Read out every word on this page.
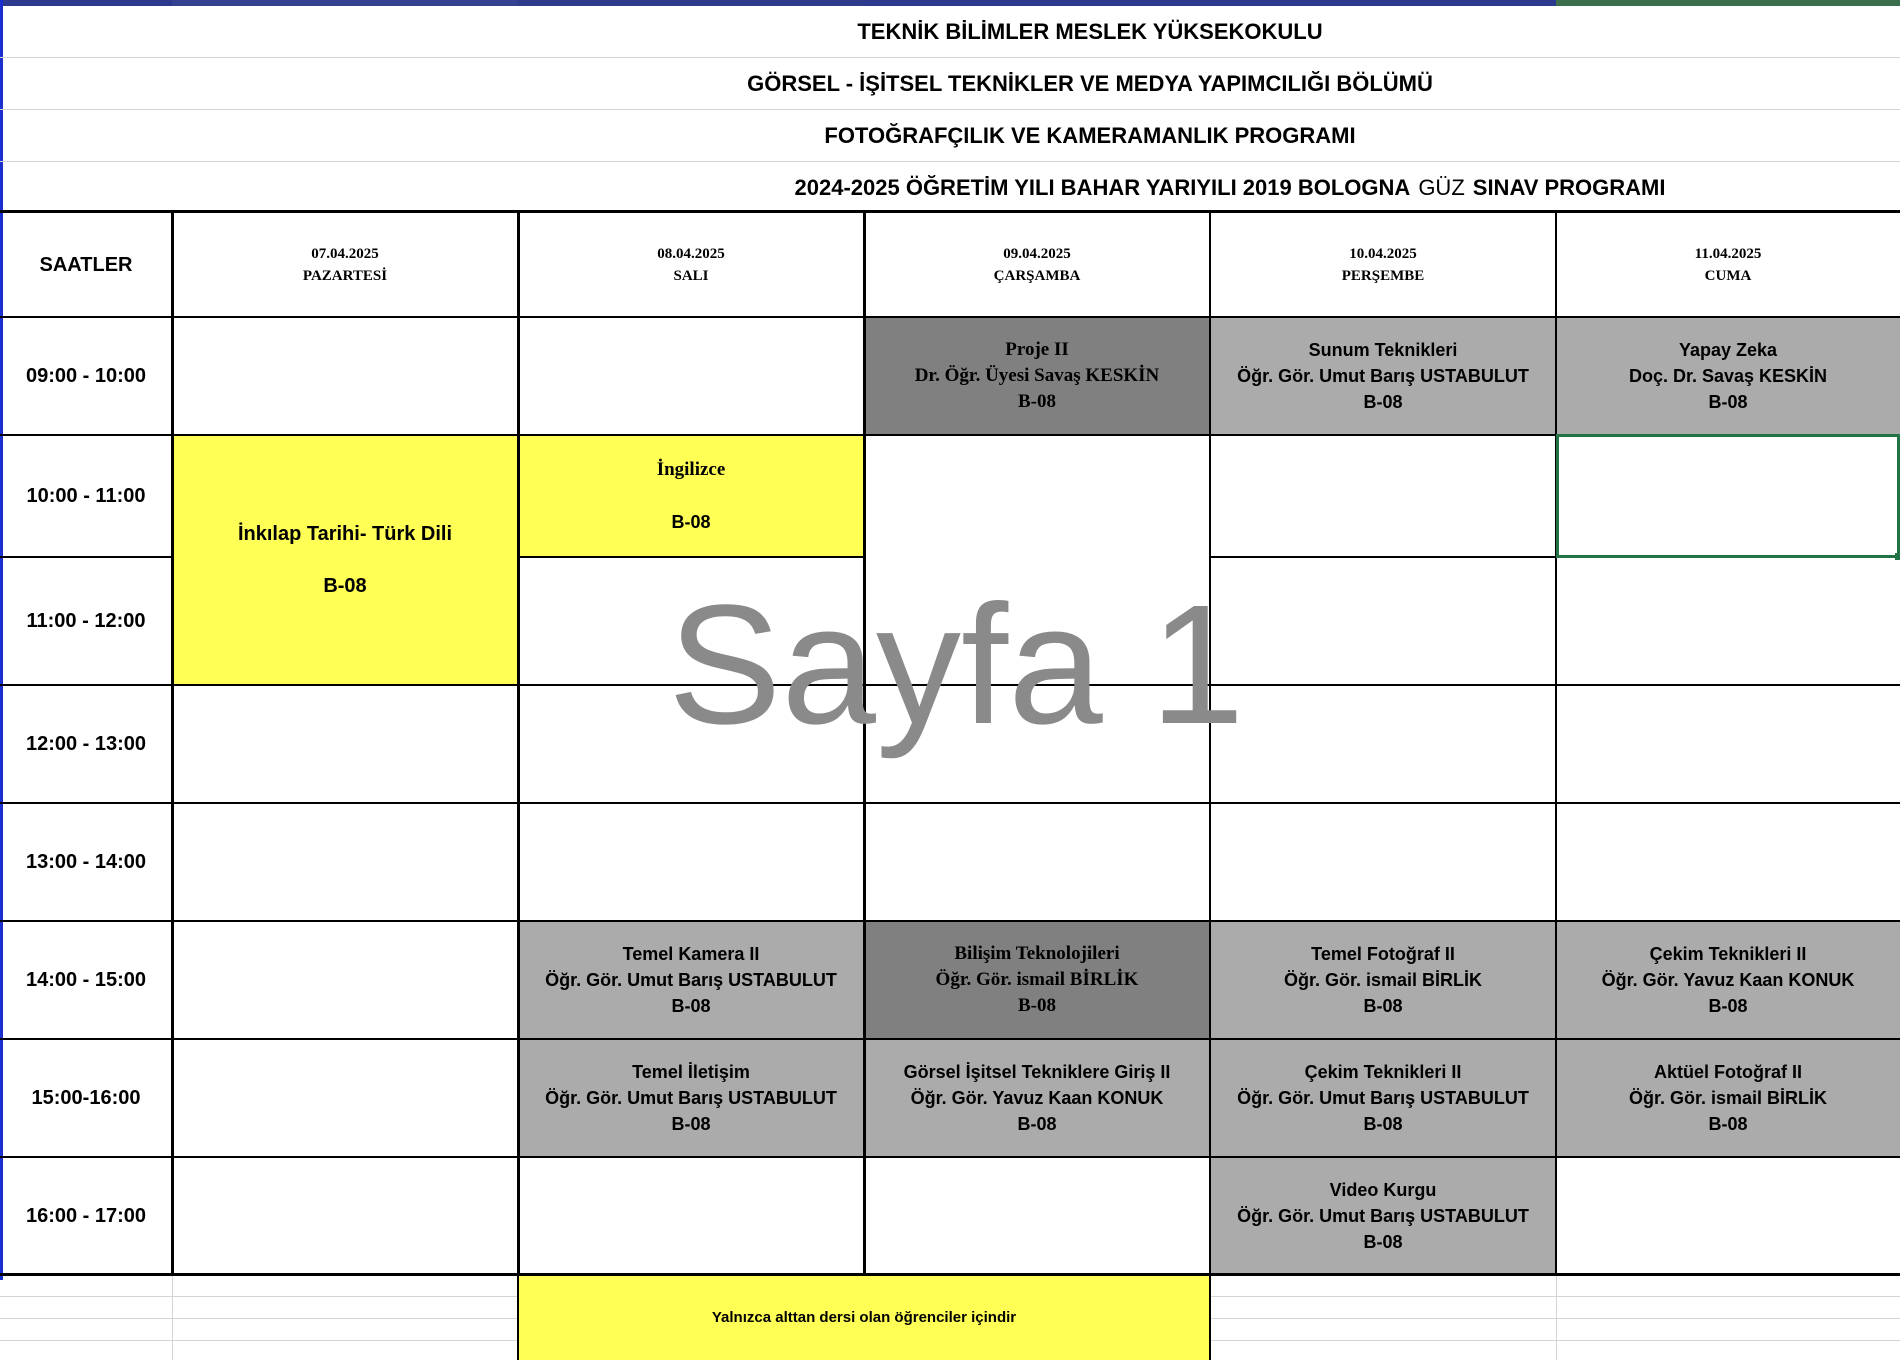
TEKNİK BİLİMLER MESLEK YÜKSEKOKULU
GÖRSEL - İŞİTSEL TEKNİKLER VE MEDYA YAPIMCILIĞI BÖLÜMÜ
FOTOĞRAFÇILIK VE KAMERAMANLIK PROGRAMI
2024-2025 ÖĞRETİM YILI BAHAR YARIYILI 2019 BOLOGNA GÜZ SINAV PROGRAMI
SAATLER	07.04.2025
PAZARTESİ
08.04.2025
SALI
09.04.2025
ÇARŞAMBA
10.04.2025
PERŞEMBE
11.04.2025
CUMA
09:00 - 10:00
10:00 - 11:00
11:00 - 12:00
12:00 - 13:00
13:00 - 14:00
14:00 - 15:00
15:00-16:00
16:00 - 17:00
Proje II
Dr. Öğr. Üyesi Savaş KESKİN
B-08
Sunum Teknikleri
Öğr. Gör. Umut Barış USTABULUT
B-08
Yapay Zeka
Doç. Dr. Savaş KESKİN
B-08
İnkılap Tarihi- Türk Dili
B-08
İngilizce
B-08
Temel Kamera II
Öğr. Gör. Umut Barış USTABULUT
B-08
Bilişim Teknolojileri
Öğr. Gör. ismail BİRLİK
B-08
Temel Fotoğraf II
Öğr. Gör. ismail BİRLİK
B-08
Çekim Teknikleri II
Öğr. Gör. Yavuz Kaan KONUK
B-08
Temel İletişim
Öğr. Gör. Umut Barış USTABULUT
B-08
Görsel İşitsel Tekniklere Giriş II
Öğr. Gör. Yavuz Kaan KONUK
B-08
Çekim Teknikleri II
Öğr. Gör. Umut Barış USTABULUT
B-08
Aktüel Fotoğraf II
Öğr. Gör. ismail BİRLİK
B-08
Video Kurgu
Öğr. Gör. Umut Barış USTABULUT
B-08
Yalnızca alttan dersi olan öğrenciler içindir
Sayfa 1
